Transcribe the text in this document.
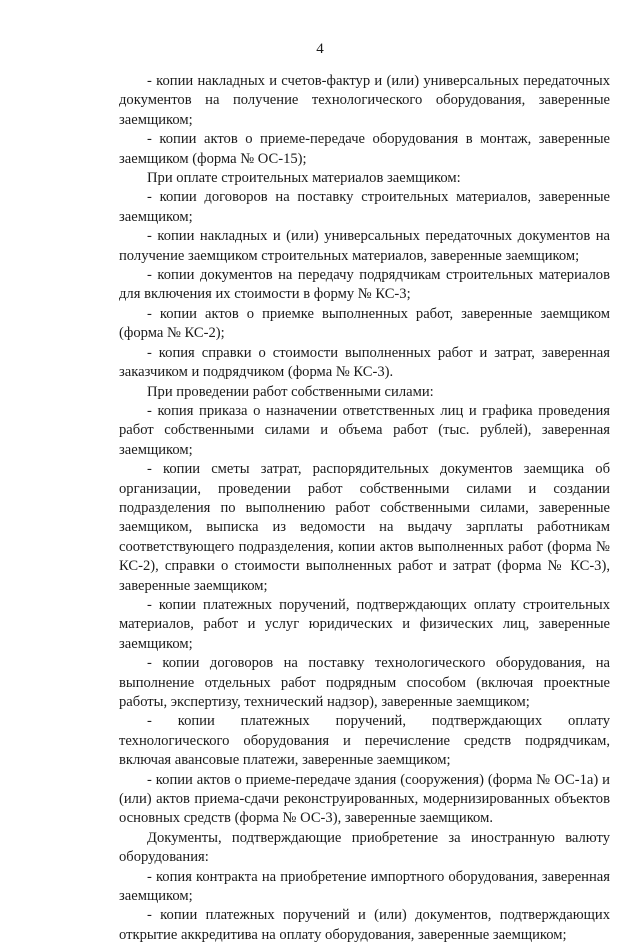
4

- копии накладных и счетов-фактур и (или) универсальных передаточных документов на получение технологического оборудования, заверенные заемщиком;

- копии актов о приеме-передаче оборудования в монтаж, заверенные заемщиком (форма № ОС-15);

При оплате строительных материалов заемщиком:

- копии договоров на поставку строительных материалов, заверенные заемщиком;

- копии накладных и (или) универсальных передаточных документов на получение заемщиком строительных материалов, заверенные заемщиком;

- копии документов на передачу подрядчикам строительных материалов для включения их стоимости в форму № КС-3;

- копии актов о приемке выполненных работ, заверенные заемщиком (форма № КС-2);

- копия справки о стоимости выполненных работ и затрат, заверенная заказчиком и подрядчиком (форма № КС-3).

При проведении работ собственными силами:

- копия приказа о назначении ответственных лиц и графика проведения работ собственными силами и объема работ (тыс. рублей), заверенная заемщиком;

- копии сметы затрат, распорядительных документов заемщика об организации, проведении работ собственными силами и создании подразделения по выполнению работ собственными силами, заверенные заемщиком, выписка из ведомости на выдачу зарплаты работникам соответствующего подразделения, копии актов выполненных работ (форма № КС-2), справки о стоимости выполненных работ и затрат (форма № КС-3), заверенные заемщиком;

- копии платежных поручений, подтверждающих оплату строительных материалов, работ и услуг юридических и физических лиц, заверенные заемщиком;

- копии договоров на поставку технологического оборудования, на выполнение отдельных работ подрядным способом (включая проектные работы, экспертизу, технический надзор), заверенные заемщиком;

- копии платежных поручений, подтверждающих оплату технологического оборудования и перечисление средств подрядчикам, включая авансовые платежи, заверенные заемщиком;

- копии актов о приеме-передаче здания (сооружения) (форма № ОС-1а) и (или) актов приема-сдачи реконструированных, модернизированных объектов основных средств (форма № ОС-3), заверенные заемщиком.

Документы, подтверждающие приобретение за иностранную валюту оборудования:

- копия контракта на приобретение импортного оборудования, заверенная заемщиком;

- копии платежных поручений и (или) документов, подтверждающих открытие аккредитива на оплату оборудования, заверенные заемщиком;
